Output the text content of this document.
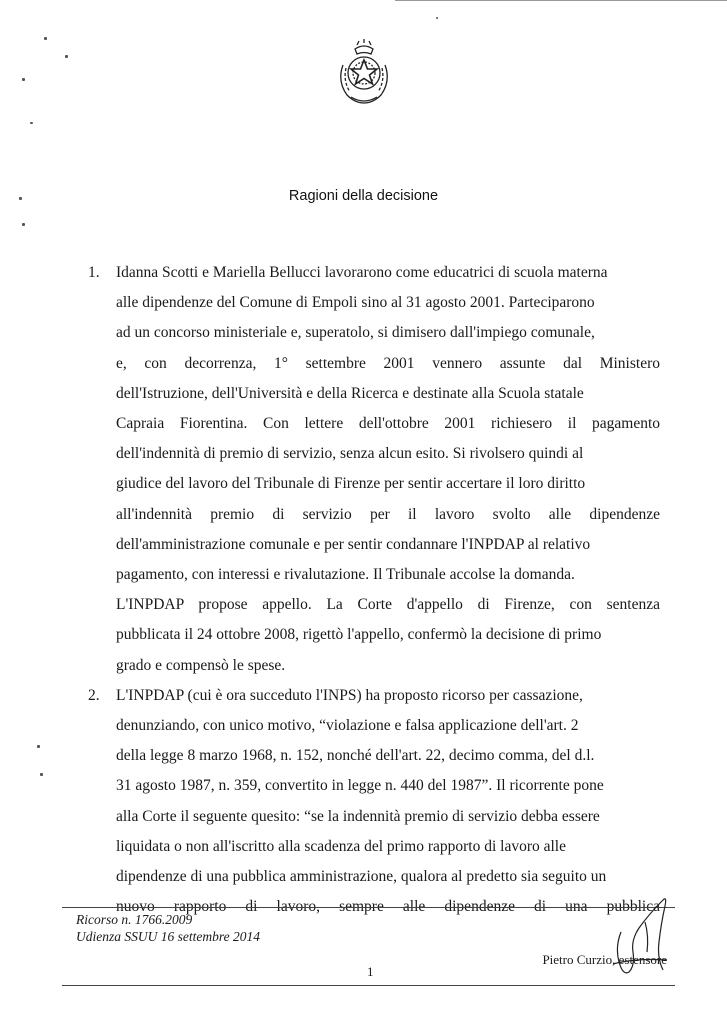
Ragioni della decisione
1. Idanna Scotti e Mariella Bellucci lavorarono come educatrici di scuola materna
alle dipendenze del Comune di Empoli sino al 31 agosto 2001. Parteciparono
ad un concorso ministeriale e, superatolo, si dimisero dall'impiego comunale,
e, con decorrenza, 1° settembre 2001 vennero assunte dal Ministero
dell'Istruzione, dell'Università e della Ricerca e destinate alla Scuola statale
Capraia Fiorentina. Con lettere dell'ottobre 2001 richiesero il pagamento
dell'indennità di premio di servizio, senza alcun esito. Si rivolsero quindi al
giudice del lavoro del Tribunale di Firenze per sentir accertare il loro diritto
all'indennità premio di servizio per il lavoro svolto alle dipendenze
dell'amministrazione comunale e per sentir condannare l'INPDAP al relativo
pagamento, con interessi e rivalutazione. Il Tribunale accolse la domanda.
L'INPDAP propose appello. La Corte d'appello di Firenze, con sentenza
pubblicata il 24 ottobre 2008, rigettò l'appello, confermò la decisione di primo
grado e compensò le spese.
2. L'INPDAP (cui è ora succeduto l'INPS) ha proposto ricorso per cassazione,
denunziando, con unico motivo, “violazione e falsa applicazione dell'art. 2
della legge 8 marzo 1968, n. 152, nonché dell'art. 22, decimo comma, del d.l.
31 agosto 1987, n. 359, convertito in legge n. 440 del 1987”. Il ricorrente pone
alla Corte il seguente quesito: “se la indennità premio di servizio debba essere
liquidata o non all'iscritto alla scadenza del primo rapporto di lavoro alle
dipendenze di una pubblica amministrazione, qualora al predetto sia seguito un
nuovo rapporto di lavoro, sempre alle dipendenze di una pubblica
Ricorso n. 1766.2009
Udienza SSUU 16 settembre 2014
1
Pietro Curzio, estensore
